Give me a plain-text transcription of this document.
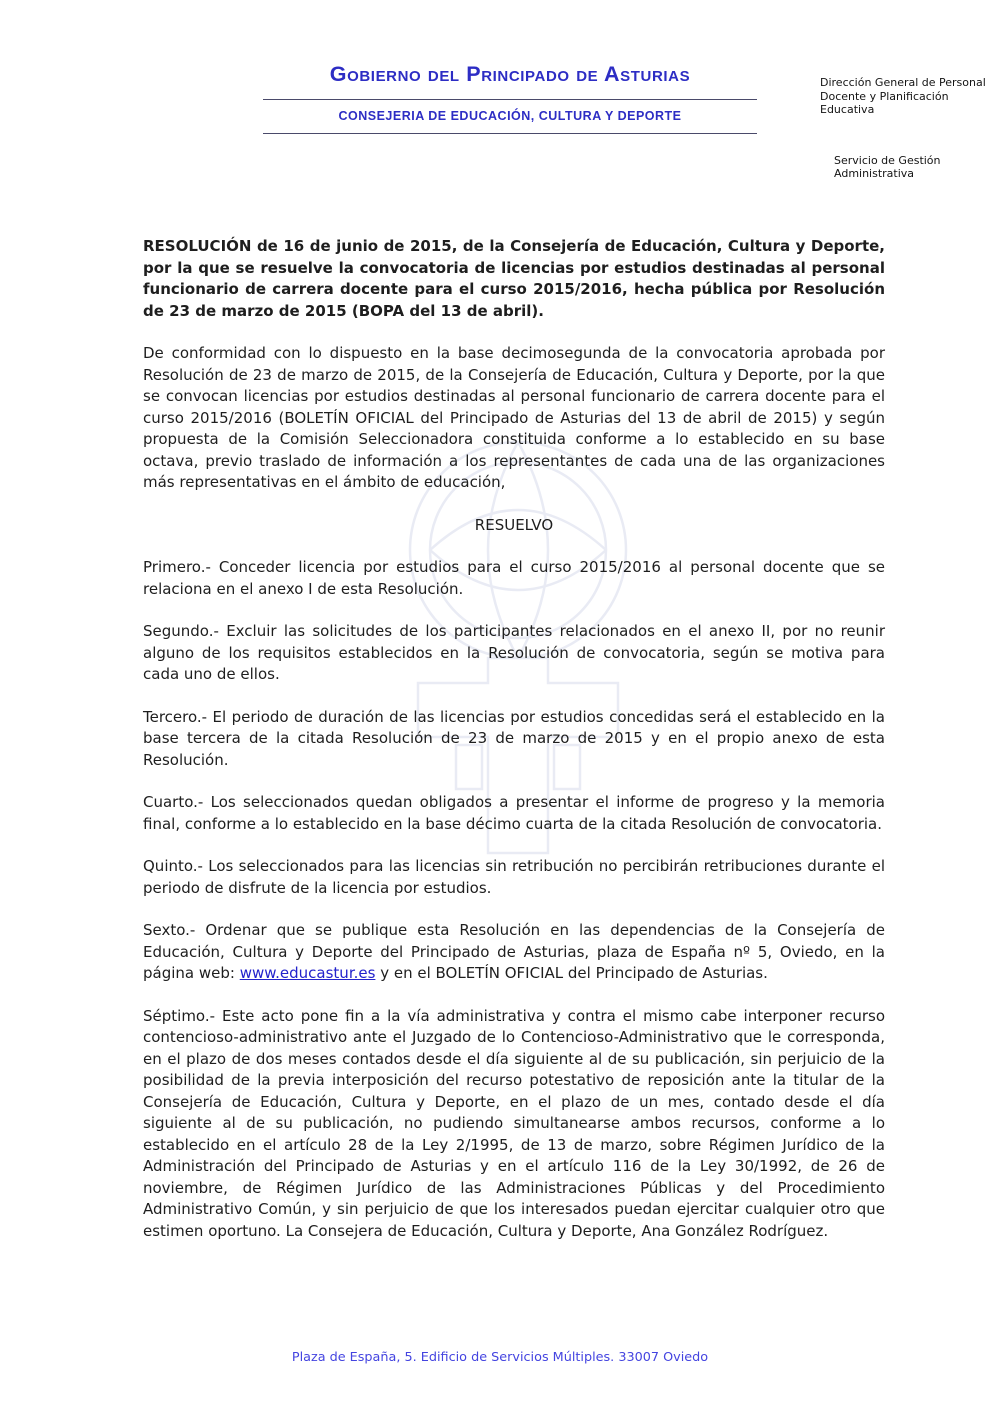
Gobierno del Principado de Asturias
CONSEJERIA DE EDUCACIÓN, CULTURA Y DEPORTE
Dirección General de Personal
Docente y Planificación Educativa
Servicio de Gestión
Administrativa

RESOLUCIÓN de 16 de junio de 2015, de la Consejería de Educación, Cultura y Deporte, por la que se resuelve la convocatoria de licencias por estudios destinadas al personal funcionario de carrera docente para el curso 2015/2016, hecha pública por Resolución de 23 de marzo de 2015 (BOPA del 13 de abril).

De conformidad con lo dispuesto en la base decimosegunda de la convocatoria aprobada por Resolución de 23 de marzo de 2015, de la Consejería de Educación, Cultura y Deporte, por la que se convocan licencias por estudios destinadas al personal funcionario de carrera docente para el curso 2015/2016 (BOLETÍN OFICIAL del Principado de Asturias del 13 de abril de 2015) y según propuesta de la Comisión Seleccionadora constituida conforme a lo establecido en su base octava, previo traslado de información a los representantes de cada una de las organizaciones más representativas en el ámbito de educación,

RESUELVO

Primero.- Conceder licencia por estudios para el curso 2015/2016 al personal docente que se relaciona en el anexo I de esta Resolución.

Segundo.- Excluir las solicitudes de los participantes relacionados en el anexo II, por no reunir alguno de los requisitos establecidos en la Resolución de convocatoria, según se motiva para cada uno de ellos.

Tercero.- El periodo de duración de las licencias por estudios concedidas será el establecido en la base tercera de la citada Resolución de 23 de marzo de 2015 y en el propio anexo de esta Resolución.

Cuarto.- Los seleccionados quedan obligados a presentar el informe de progreso y la memoria final, conforme a lo establecido en la base décimo cuarta de la citada Resolución de convocatoria.

Quinto.- Los seleccionados para las licencias sin retribución no percibirán retribuciones durante el periodo de disfrute de la licencia por estudios.

Sexto.- Ordenar que se publique esta Resolución en las dependencias de la Consejería de Educación, Cultura y Deporte del Principado de Asturias, plaza de España nº 5, Oviedo, en la página web: www.educastur.es y en el BOLETÍN OFICIAL del Principado de Asturias.

Séptimo.- Este acto pone fin a la vía administrativa y contra el mismo cabe interponer recurso contencioso-administrativo ante el Juzgado de lo Contencioso-Administrativo que le corresponda, en el plazo de dos meses contados desde el día siguiente al de su publicación, sin perjuicio de la posibilidad de la previa interposición del recurso potestativo de reposición ante la titular de la Consejería de Educación, Cultura y Deporte, en el plazo de un mes, contado desde el día siguiente al de su publicación, no pudiendo simultanearse ambos recursos, conforme a lo establecido en el artículo 28 de la Ley 2/1995, de 13 de marzo, sobre Régimen Jurídico de la Administración del Principado de Asturias y en el artículo 116 de la Ley 30/1992, de 26 de noviembre, de Régimen Jurídico de las Administraciones Públicas y del Procedimiento Administrativo Común, y sin perjuicio de que los interesados puedan ejercitar cualquier otro que estimen oportuno. La Consejera de Educación, Cultura y Deporte, Ana González Rodríguez.

Plaza de España, 5. Edificio de Servicios Múltiples. 33007 Oviedo
